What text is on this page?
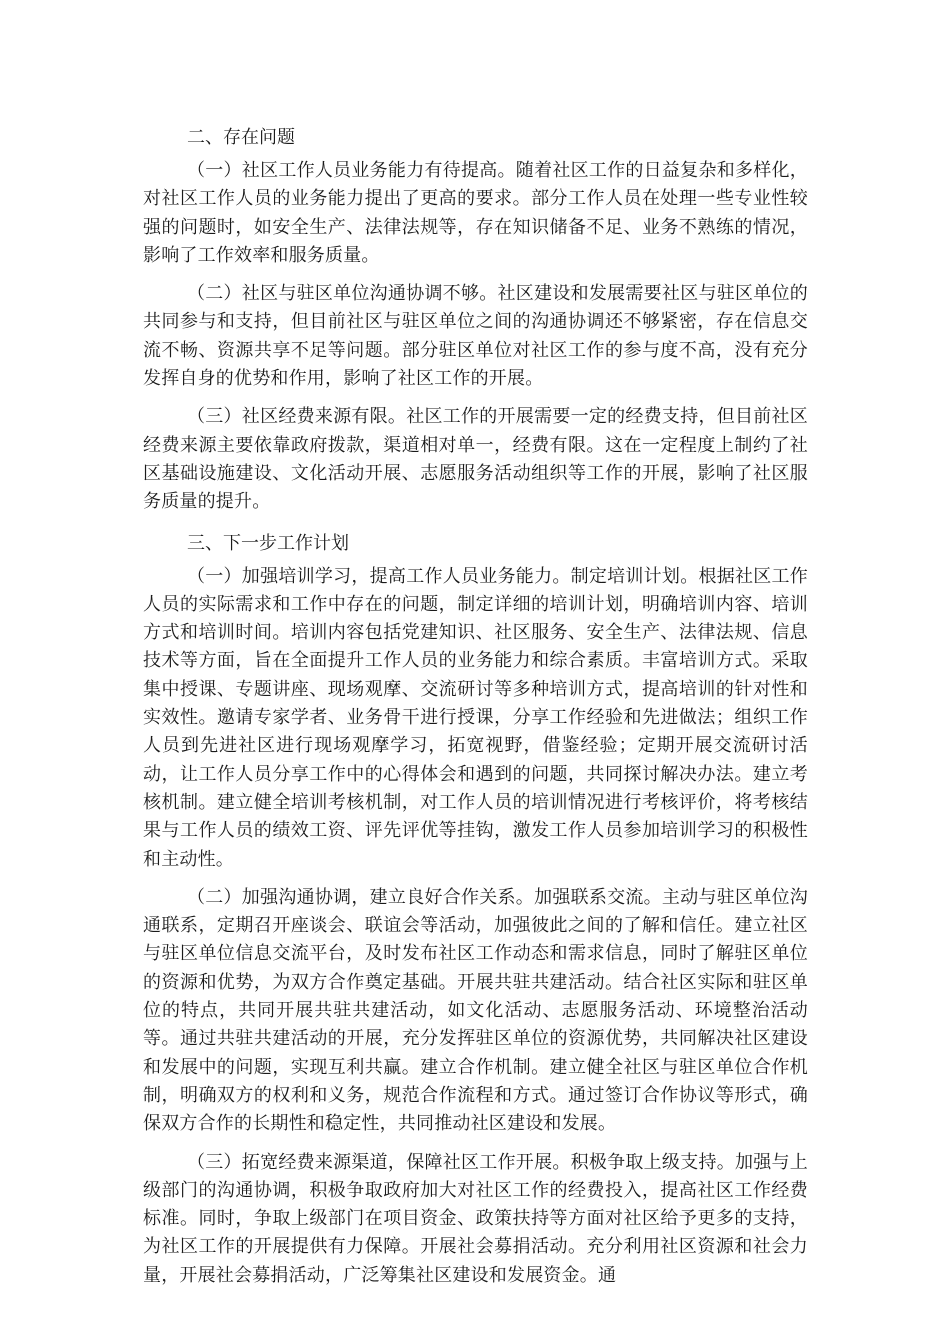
二、存在问题

（一）社区工作人员业务能力有待提高。随着社区工作的日益复杂和多样化，对社区工作人员的业务能力提出了更高的要求。部分工作人员在处理一些专业性较强的问题时，如安全生产、法律法规等，存在知识储备不足、业务不熟练的情况，影响了工作效率和服务质量。

（二）社区与驻区单位沟通协调不够。社区建设和发展需要社区与驻区单位的共同参与和支持，但目前社区与驻区单位之间的沟通协调还不够紧密，存在信息交流不畅、资源共享不足等问题。部分驻区单位对社区工作的参与度不高，没有充分发挥自身的优势和作用，影响了社区工作的开展。

（三）社区经费来源有限。社区工作的开展需要一定的经费支持，但目前社区经费来源主要依靠政府拨款，渠道相对单一，经费有限。这在一定程度上制约了社区基础设施建设、文化活动开展、志愿服务活动组织等工作的开展，影响了社区服务质量的提升。

三、下一步工作计划

（一）加强培训学习，提高工作人员业务能力。制定培训计划。根据社区工作人员的实际需求和工作中存在的问题，制定详细的培训计划，明确培训内容、培训方式和培训时间。培训内容包括党建知识、社区服务、安全生产、法律法规、信息技术等方面，旨在全面提升工作人员的业务能力和综合素质。丰富培训方式。采取集中授课、专题讲座、现场观摩、交流研讨等多种培训方式，提高培训的针对性和实效性。邀请专家学者、业务骨干进行授课，分享工作经验和先进做法；组织工作人员到先进社区进行现场观摩学习，拓宽视野，借鉴经验；定期开展交流研讨活动，让工作人员分享工作中的心得体会和遇到的问题，共同探讨解决办法。建立考核机制。建立健全培训考核机制，对工作人员的培训情况进行考核评价，将考核结果与工作人员的绩效工资、评先评优等挂钩，激发工作人员参加培训学习的积极性和主动性。

（二）加强沟通协调，建立良好合作关系。加强联系交流。主动与驻区单位沟通联系，定期召开座谈会、联谊会等活动，加强彼此之间的了解和信任。建立社区与驻区单位信息交流平台，及时发布社区工作动态和需求信息，同时了解驻区单位的资源和优势，为双方合作奠定基础。开展共驻共建活动。结合社区实际和驻区单位的特点，共同开展共驻共建活动，如文化活动、志愿服务活动、环境整治活动等。通过共驻共建活动的开展，充分发挥驻区单位的资源优势，共同解决社区建设和发展中的问题，实现互利共赢。建立合作机制。建立健全社区与驻区单位合作机制，明确双方的权利和义务，规范合作流程和方式。通过签订合作协议等形式，确保双方合作的长期性和稳定性，共同推动社区建设和发展。

（三）拓宽经费来源渠道，保障社区工作开展。积极争取上级支持。加强与上级部门的沟通协调，积极争取政府加大对社区工作的经费投入，提高社区工作经费标准。同时，争取上级部门在项目资金、政策扶持等方面对社区给予更多的支持，为社区工作的开展提供有力保障。开展社会募捐活动。充分利用社区资源和社会力量，开展社会募捐活动，广泛筹集社区建设和发展资金。通
